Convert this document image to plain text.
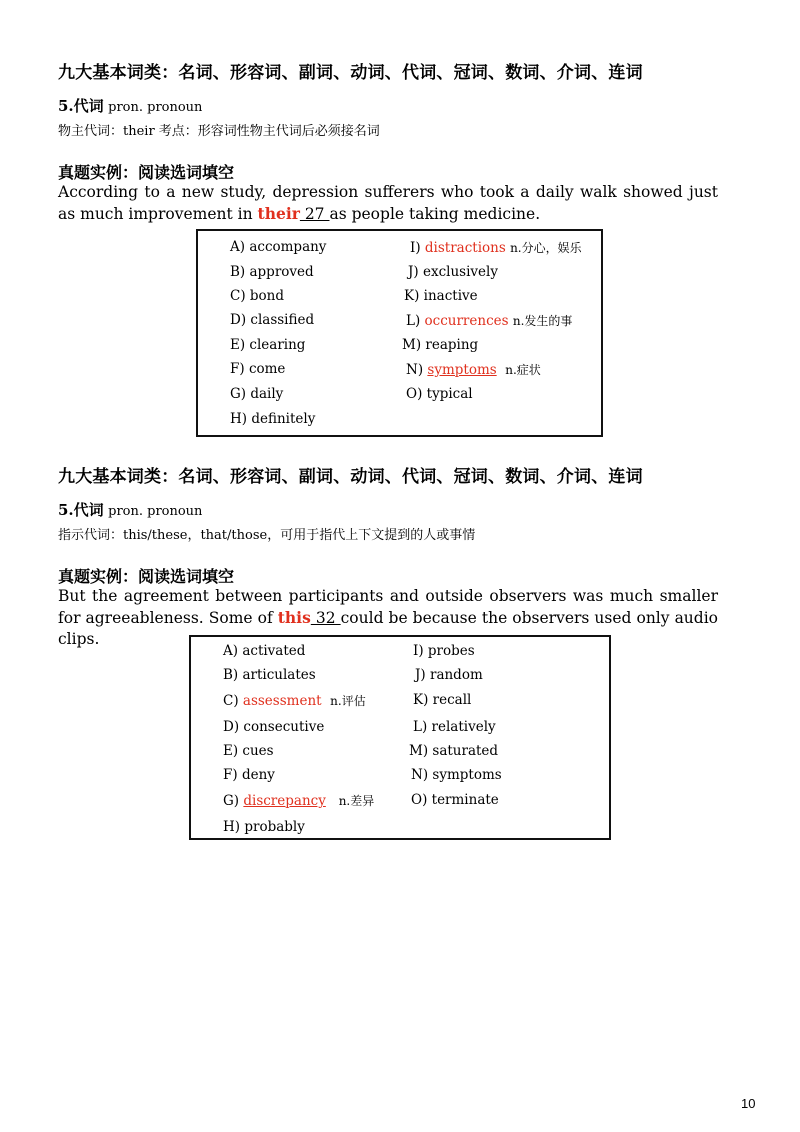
九大基本词类：名词、形容词、副词、动词、代词、冠词、数词、介词、连词
5.代词 pron. pronoun
物主代词：their 考点：形容词性物主代词后必须接名词
真题实例：阅读选词填空
According to a new study, depression sufferers who took a daily walk showed just as much improvement in their 27 as people taking medicine.
A) accompany
B) approved
C) bond
D) classified
E) clearing
F) come
G) daily
H) definitely
I) distractions n.分心，娱乐
J) exclusively
K) inactive
L) occurrences n.发生的事
M) reaping
N) symptoms n.症状
O) typical
九大基本词类：名词、形容词、副词、动词、代词、冠词、数词、介词、连词
5.代词 pron. pronoun
指示代词：this/these，that/those，可用于指代上下文提到的人或事情
真题实例：阅读选词填空
But the agreement between participants and outside observers was much smaller for agreeableness. Some of this 32 could be because the observers used only audio clips.
A) activated
B) articulates
C) assessment n.评估
D) consecutive
E) cues
F) deny
G) discrepancy n.差异
H) probably
I) probes
J) random
K) recall
L) relatively
M) saturated
N) symptoms
O) terminate
10
